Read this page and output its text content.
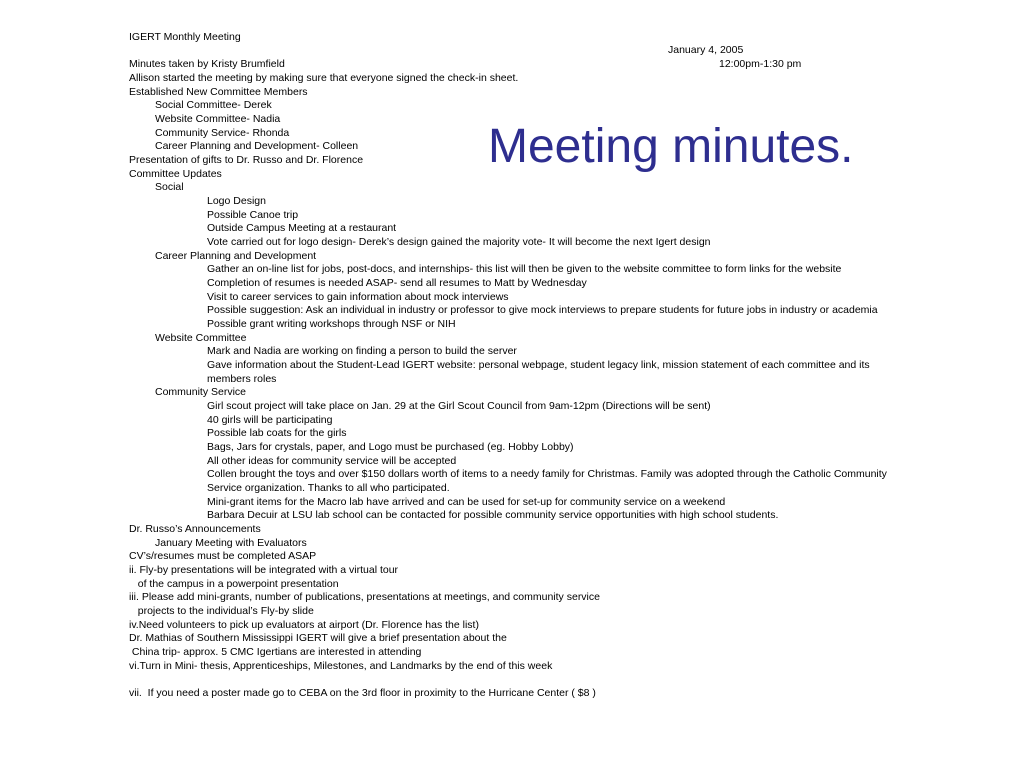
IGERT Monthly Meeting
January 4, 2005
12:00pm-1:30 pm
Minutes taken by Kristy Brumfield
Allison started the meeting by making sure that everyone signed the check-in sheet.
Established New Committee Members
Social Committee- Derek
Website Committee- Nadia
Community Service- Rhonda
Career Planning and Development- Colleen
Presentation of gifts to Dr. Russo and Dr. Florence
Committee Updates
Social
Logo Design
Possible Canoe trip
Outside Campus Meeting at a restaurant
Vote carried out for logo design- Derek’s design gained the majority vote- It will become the next Igert design
Career Planning and Development
Gather an on-line list for jobs, post-docs, and internships- this list will then be given to the website committee to form links for the website
Completion of resumes is needed ASAP- send all resumes to Matt by Wednesday
Visit to career services to gain information about mock interviews
Possible suggestion: Ask an individual in industry or professor to give mock interviews to prepare students for future jobs in industry or academia
Possible grant writing workshops through NSF or NIH
Website Committee
Mark and Nadia are working on finding a person to build the server
Gave information about the Student-Lead IGERT website: personal webpage, student legacy link, mission statement of each committee and its
members roles
Community Service
Girl scout project will take place on Jan. 29 at the Girl Scout Council from 9am-12pm (Directions will be sent)
40 girls will be participating
Possible lab coats for the girls
Bags, Jars for crystals, paper, and Logo must be purchased (eg. Hobby Lobby)
All other ideas for community service will be accepted
Collen brought the toys and over $150 dollars worth of items to a needy family for Christmas. Family was adopted through the Catholic Community
Service organization. Thanks to all who participated.
Mini-grant items for the Macro lab have arrived and can be used for set-up for community service on a weekend
Barbara Decuir at LSU lab school can be contacted for possible community service opportunities with high school students.
Dr. Russo’s Announcements
January Meeting with Evaluators
CV’s/resumes must be completed ASAP
ii. Fly-by presentations will be integrated with a virtual tour
of the campus in a powerpoint presentation
iii. Please add mini-grants, number of publications, presentations at meetings, and community service
projects to the individual’s Fly-by slide
iv.Need volunteers to pick up evaluators at airport (Dr. Florence has the list)
Dr. Mathias of Southern Mississippi IGERT will give a brief presentation about the
China trip- approx. 5 CMC Igertians are interested in attending
vi.Turn in Mini- thesis, Apprenticeships, Milestones, and Landmarks by the end of this week
vii.  If you need a poster made go to CEBA on the 3rd floor in proximity to the Hurricane Center ( $8 )
Meeting minutes.
